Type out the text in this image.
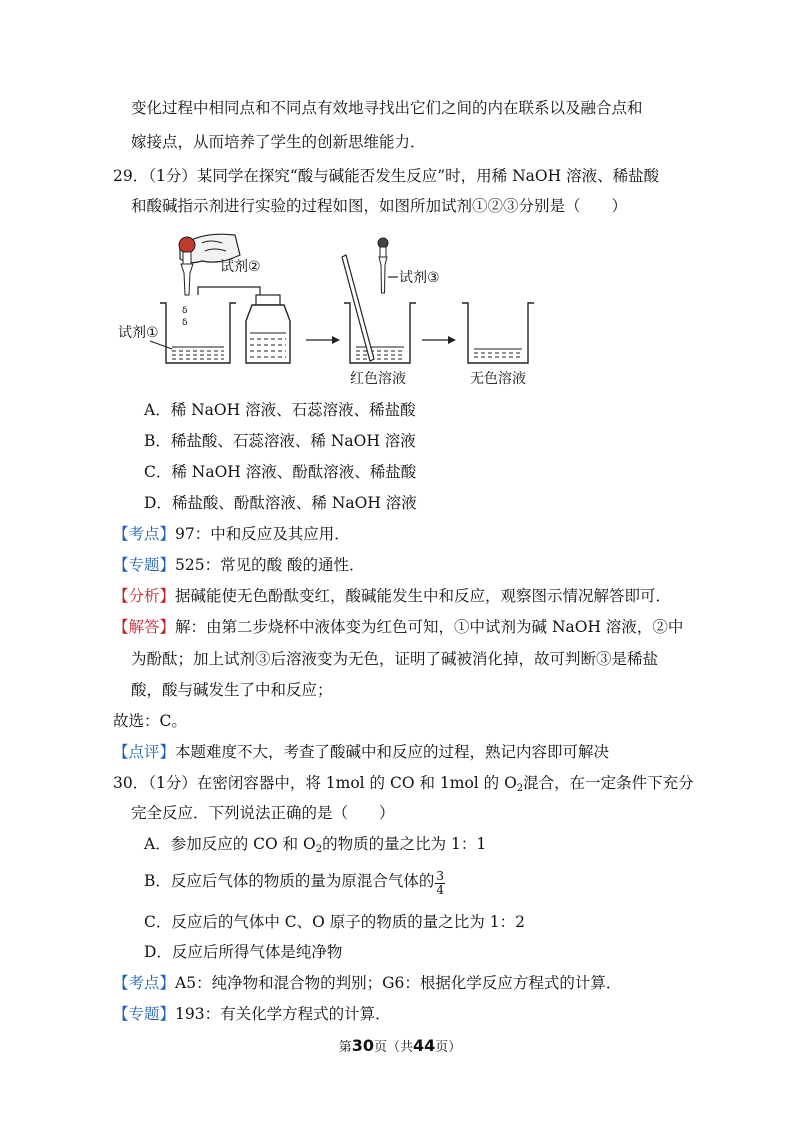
变化过程中相同点和不同点有效地寻找出它们之间的内在联系以及融合点和
嫁接点，从而培养了学生的创新思维能力．
29．（1分）某同学在探究“酸与碱能否发生反应”时，用稀 NaOH 溶液、稀盐酸
和酸碱指示剂进行实验的过程如图，如图所加试剂①②③分别是（　　）
δ
δ
试剂①
试剂②
试剂③
红色溶液	无色溶液
A．稀 NaOH 溶液、石蕊溶液、稀盐酸
B．稀盐酸、石蕊溶液、稀 NaOH 溶液
C．稀 NaOH 溶液、酚酞溶液、稀盐酸
D．稀盐酸、酚酞溶液、稀 NaOH 溶液
【考点】97：中和反应及其应用．
【专题】525：常见的酸 酸的通性．
【分析】据碱能使无色酚酞变红，酸碱能发生中和反应，观察图示情况解答即可．
【解答】解：由第二步烧杯中液体变为红色可知，①中试剂为碱 NaOH 溶液，②中
为酚酞；加上试剂③后溶液变为无色，证明了碱被消化掉，故可判断③是稀盐
酸，酸与碱发生了中和反应；
故选：C。
【点评】本题难度不大，考查了酸碱中和反应的过程，熟记内容即可解决
30．（1分）在密闭容器中，将 1mol 的 CO 和 1mol 的 $O_2$混合，在一定条件下充分
完全反应．下列说法正确的是（　　）
A．参加反应的 CO 和 $O_2$的物质的量之比为 1：1
B．反应后气体的物质的量为原混合气体的 $\frac{3}{4}$
C．反应后的气体中 C、O 原子的物质的量之比为 1：2
D．反应后所得气体是纯净物
【考点】A5：纯净物和混合物的判别；G6：根据化学反应方程式的计算．
【专题】193：有关化学方程式的计算．
第30页（共44页）
